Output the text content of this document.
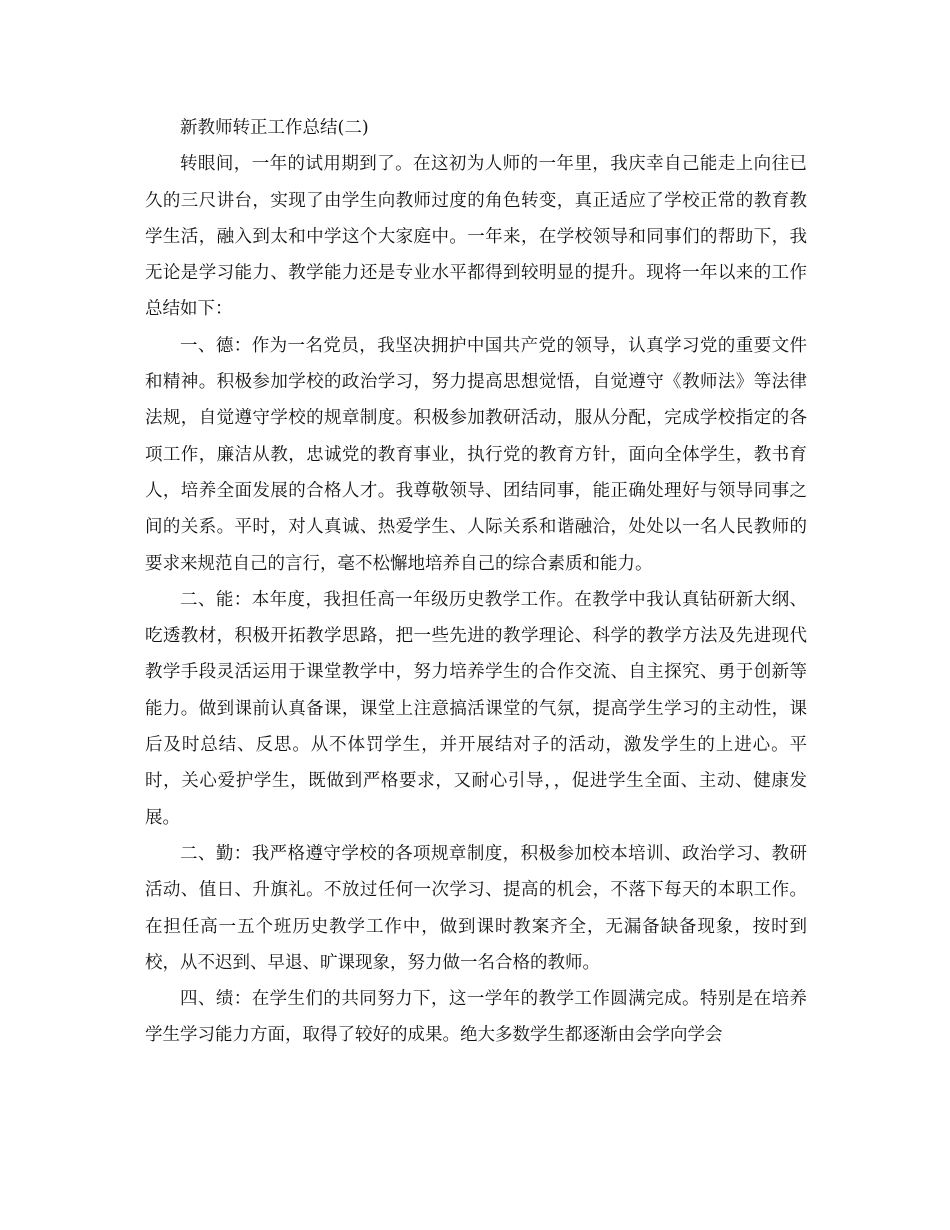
新教师转正工作总结(二)

转眼间，一年的试用期到了。在这初为人师的一年里，我庆幸自己能走上向往已久的三尺讲台，实现了由学生向教师过度的角色转变，真正适应了学校正常的教育教学生活，融入到太和中学这个大家庭中。一年来，在学校领导和同事们的帮助下，我无论是学习能力、教学能力还是专业水平都得到较明显的提升。现将一年以来的工作总结如下：

一、德：作为一名党员，我坚决拥护中国共产党的领导，认真学习党的重要文件和精神。积极参加学校的政治学习，努力提高思想觉悟，自觉遵守《教师法》等法律法规，自觉遵守学校的规章制度。积极参加教研活动，服从分配，完成学校指定的各项工作，廉洁从教，忠诚党的教育事业，执行党的教育方针，面向全体学生，教书育人，培养全面发展的合格人才。我尊敬领导、团结同事，能正确处理好与领导同事之间的关系。平时，对人真诚、热爱学生、人际关系和谐融洽，处处以一名人民教师的要求来规范自己的言行，毫不松懈地培养自己的综合素质和能力。

二、能：本年度，我担任高一年级历史教学工作。在教学中我认真钻研新大纲、吃透教材，积极开拓教学思路，把一些先进的教学理论、科学的教学方法及先进现代教学手段灵活运用于课堂教学中，努力培养学生的合作交流、自主探究、勇于创新等能力。做到课前认真备课，课堂上注意搞活课堂的气氛，提高学生学习的主动性，课后及时总结、反思。从不体罚学生，并开展结对子的活动，激发学生的上进心。平时，关心爱护学生，既做到严格要求，又耐心引导，，促进学生全面、主动、健康发展。

二、勤：我严格遵守学校的各项规章制度，积极参加校本培训、政治学习、教研活动、值日、升旗礼。不放过任何一次学习、提高的机会，不落下每天的本职工作。在担任高一五个班历史教学工作中，做到课时教案齐全，无漏备缺备现象，按时到校，从不迟到、早退、旷课现象，努力做一名合格的教师。

四、绩：在学生们的共同努力下，这一学年的教学工作圆满完成。特别是在培养学生学习能力方面，取得了较好的成果。绝大多数学生都逐渐由会学向学会
